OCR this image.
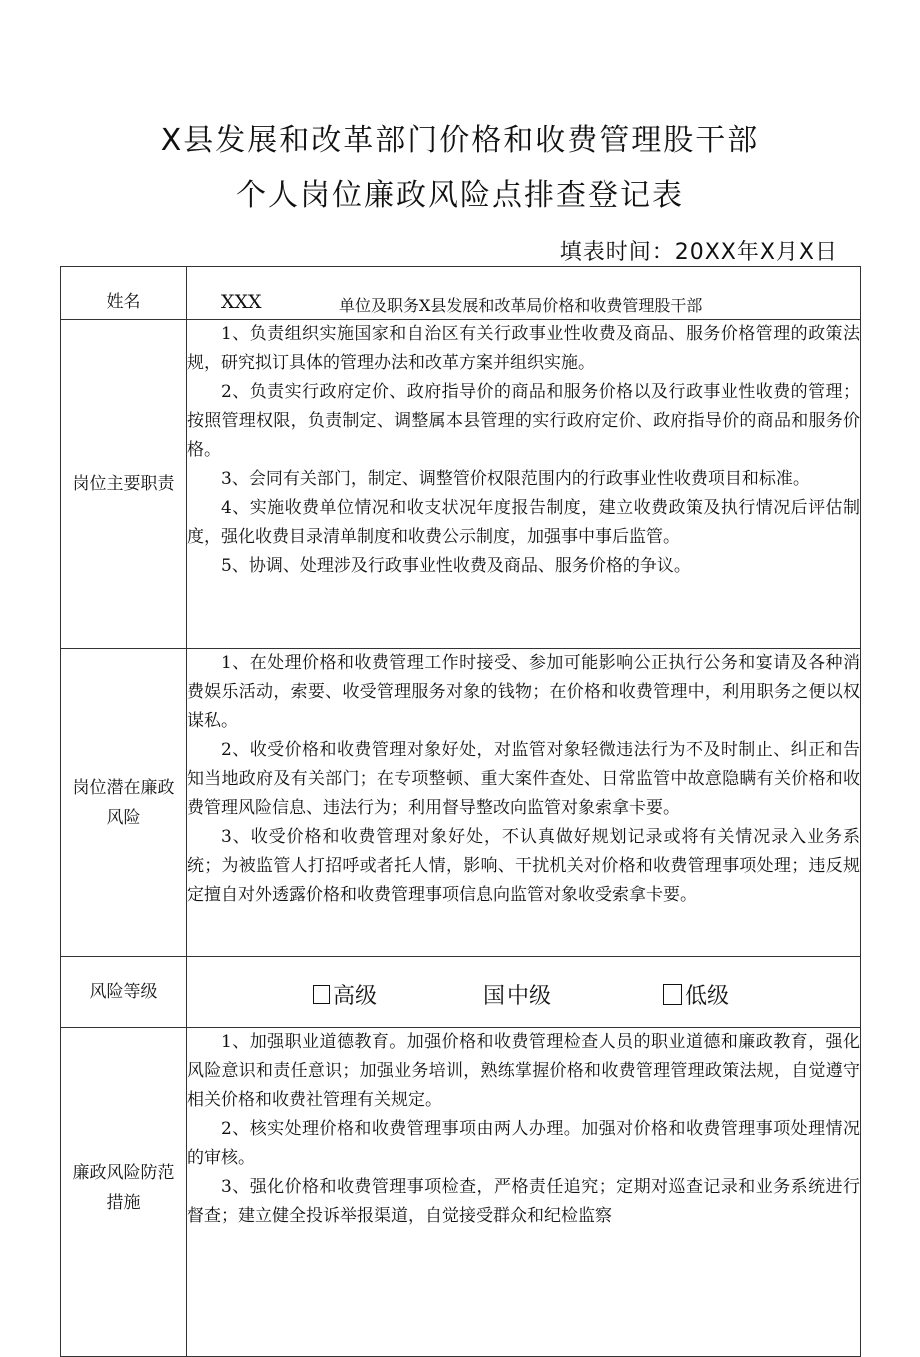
X县发展和改革部门价格和收费管理股干部
个人岗位廉政风险点排查登记表
填表时间：20XX年X月X日
姓名	XXX 单位及职务 X县发展和改革局价格和收费管理股干部

岗位主要职责	1、负责组织实施国家和自治区有关行政事业性收费及商品、服务价格管理的政策法规，研究拟订具体的管理办法和改革方案并组织实施。

2、负责实行政府定价、政府指导价的商品和服务价格以及行政事业性收费的管理；按照管理权限，负责制定、调整属本县管理的实行政府定价、政府指导价的商品和服务价格。

3、会同有关部门，制定、调整管价权限范围内的行政事业性收费项目和标准。

4、实施收费单位情况和收支状况年度报告制度，建立收费政策及执行情况后评估制度，强化收费目录清单制度和收费公示制度，加强事中事后监管。

5、协调、处理涉及行政事业性收费及商品、服务价格的争议。

岗位潜在廉政风险	1、在处理价格和收费管理工作时接受、参加可能影响公正执行公务和宴请及各种消费娱乐活动，索要、收受管理服务对象的钱物；在价格和收费管理中，利用职务之便以权谋私。

2、收受价格和收费管理对象好处，对监管对象轻微违法行为不及时制止、纠正和告知当地政府及有关部门；在专项整顿、重大案件查处、日常监管中故意隐瞒有关价格和收费管理风险信息、违法行为；利用督导整改向监管对象索拿卡要。

3、收受价格和收费管理对象好处，不认真做好规划记录或将有关情况录入业务系统；为被监管人打招呼或者托人情，影响、干扰机关对价格和收费管理事项处理；违反规定擅自对外透露价格和收费管理事项信息向监管对象收受索拿卡要。

风险等级	高级 国 中级 低级

廉政风险防范措施	1、加强职业道德教育。加强价格和收费管理检查人员的职业道德和廉政教育，强化风险意识和责任意识；加强业务培训，熟练掌握价格和收费管理管理政策法规，自觉遵守相关价格和收费社管理有关规定。

2、核实处理价格和收费管理事项由两人办理。加强对价格和收费管理事项处理情况的审核。

3、强化价格和收费管理事项检查，严格责任追究；定期对巡查记录和业务系统进行督查；建立健全投诉举报渠道，自觉接受群众和纪检监察
